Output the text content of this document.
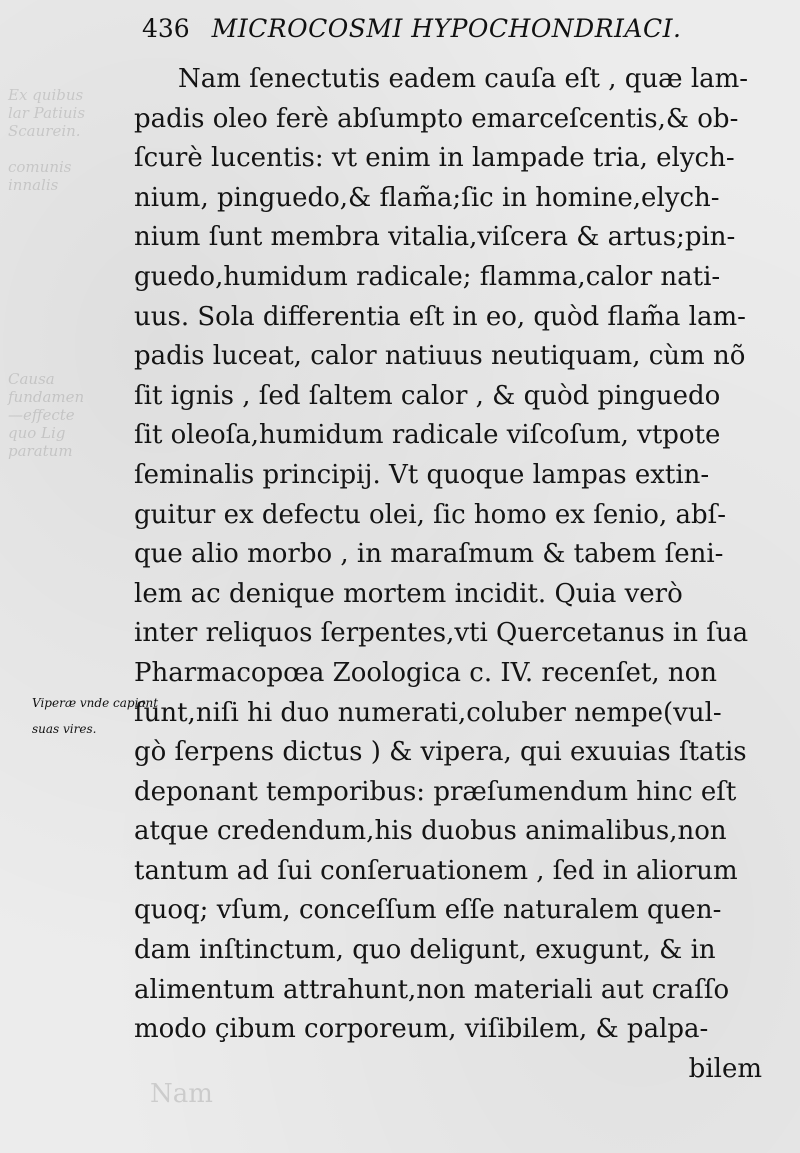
Ex quibus
lar Patiuis
Scaurein.

comunis
innalis
Causa
fundamen
—effecte
quo Lig
paratum
Nam
436 MICROCOSMI HYPOCHONDRIACI.
Viperæ vnde capiant
suas vires.
Nam ſenectutis eadem cauſa eſt , quæ lam-
padis oleo ferè abſumpto emarceſcentis,& ob-
ſcurè lucentis: vt enim in lampade tria, elych-
nium, pinguedo,& flam̃a;ſic in homine,elych-
nium ſunt membra vitalia,viſcera & artus;pin-
guedo,humidum radicale; flamma,calor nati-
uus. Sola differentia eſt in eo, quòd flam̃a lam-
padis luceat, calor natiuus neutiquam, cùm nõ
ſit ignis , ſed ſaltem calor , & quòd pinguedo
ſit oleoſa,humidum radicale viſcoſum, vtpote
ſeminalis principij. Vt quoque lampas extin-
guitur ex defectu olei, ſic homo ex ſenio, abſ-
que alio morbo , in maraſmum & tabem ſeni-
lem ac denique mortem incidit. Quia verò
inter reliquos ſerpentes,vti Quercetanus in ſua
Pharmacopœa Zoologica c. IV. recenſet, non
ſunt,niſi hi duo numerati,coluber nempe(vul-
gò ſerpens dictus ) & vipera, qui exuuias ſtatis
deponant temporibus: præſumendum hinc eſt
atque credendum,his duobus animalibus,non
tantum ad ſui conſeruationem , ſed in aliorum
quoq; vſum, conceſſum eſſe naturalem quen-
dam inſtinctum, quo deligunt, exugunt, & in
alimentum attrahunt,non materiali aut craſſo
modo çibum corporeum, viſibilem, & palpa-
bilem
